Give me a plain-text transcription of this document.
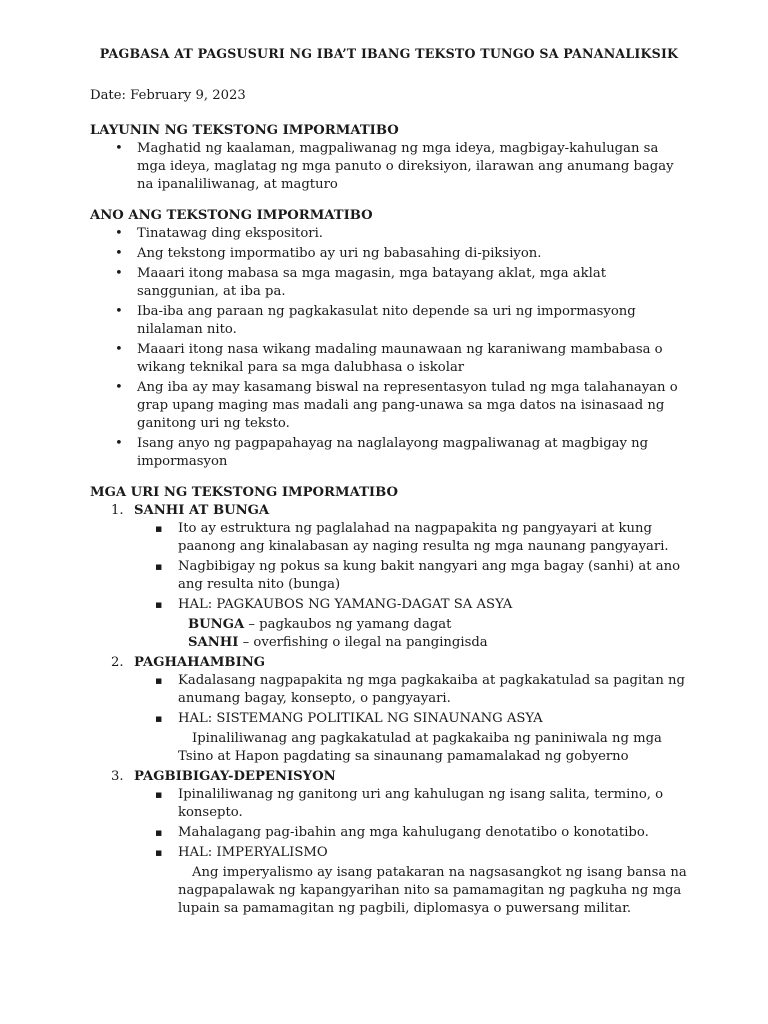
PAGBASA AT PAGSUSURI NG IBA’T IBANG TEKSTO TUNGO SA PANANALIKSIK
Date: February 9, 2023
LAYUNIN NG TEKSTONG IMPORMATIBO
• Maghatid ng kaalaman, magpaliwanag ng mga ideya, magbigay-kahulugan sa mga ideya, maglatag ng mga panuto o direksiyon, ilarawan ang anumang bagay na ipanaliliwanag, at magturo
ANO ANG TEKSTONG IMPORMATIBO
• Tinatawag ding ekspositori.
• Ang tekstong impormatibo ay uri ng babasahing di-piksiyon.
• Maaari itong mabasa sa mga magasin, mga batayang aklat, mga aklat sanggunian, at iba pa.
• Iba-iba ang paraan ng pagkakasulat nito depende sa uri ng impormasyong nilalaman nito.
• Maaari itong nasa wikang madaling maunawaan ng karaniwang mambabasa o wikang teknikal para sa mga dalubhasa o iskolar
• Ang iba ay may kasamang biswal na representasyon tulad ng mga talahanayan o grap upang maging mas madali ang pang-unawa sa mga datos na isinasaad ng ganitong uri ng teksto.
• Isang anyo ng pagpapahayag na naglalayong magpaliwanag at magbigay ng impormasyon
MGA URI NG TEKSTONG IMPORMATIBO
1. SANHI AT BUNGA
▪ Ito ay estruktura ng paglalahad na nagpapakita ng pangyayari at kung paanong ang kinalabasan ay naging resulta ng mga naunang pangyayari.
▪ Nagbibigay ng pokus sa kung bakit nangyari ang mga bagay (sanhi) at ano ang resulta nito (bunga)
▪ HAL: PAGKAUBOS NG YAMANG-DAGAT SA ASYA
BUNGA – pagkaubos ng yamang dagat
SANHI – overfishing o ilegal na pangingisda
2. PAGHAHAMBING
▪ Kadalasang nagpapakita ng mga pagkakaiba at pagkakatulad sa pagitan ng anumang bagay, konsepto, o pangyayari.
▪ HAL: SISTEMANG POLITIKAL NG SINAUNANG ASYA
Ipinaliliwanag ang pagkakatulad at pagkakaiba ng paniniwala ng mga Tsino at Hapon pagdating sa sinaunang pamamalakad ng gobyerno
3. PAGBIBIGAY-DEPENISYON
▪ Ipinaliliwanag ng ganitong uri ang kahulugan ng isang salita, termino, o konsepto.
▪ Mahalagang pag-ibahin ang mga kahulugang denotatibo o konotatibo.
▪ HAL: IMPERYALISMO
Ang imperyalismo ay isang patakaran na nagsasangkot ng isang bansa na nagpapalawak ng kapangyarihan nito sa pamamagitan ng pagkuha ng mga lupain sa pamamagitan ng pagbili, diplomasya o puwersang militar.
